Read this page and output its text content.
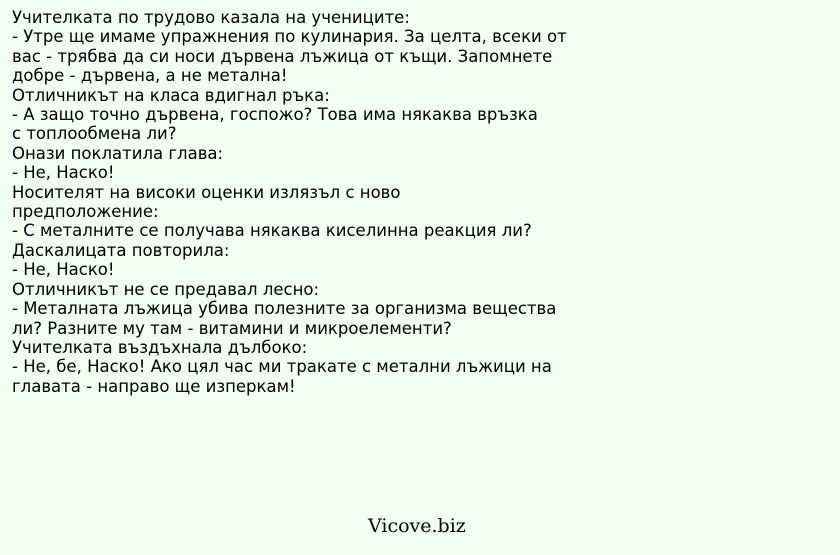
Учителката по трудово казала на учениците:
- Утре ще имаме упражнения по кулинария. За целта, всеки от
вас - трябва да си носи дървена лъжица от къщи. Запомнете
добре - дървена, а не метална!
Отличникът на класа вдигнал ръка:
- А защо точно дървена, госпожо? Това има някаква връзка
с топлообмена ли?
Онази поклатила глава:
- Не, Наско!
Носителят на високи оценки излязъл с ново
предположение:
- С металните се получава някаква киселинна реакция ли?
Даскалицата повторила:
- Не, Наско!
Отличникът не се предавал лесно:
- Металната лъжица убива полезните за организма вещества
ли? Разните му там - витамини и микроелементи?
Учителката въздъхнала дълбоко:
- Не, бе, Наско! Ако цял час ми тракате с метални лъжици на
главата - направо ще изперкам!
Vicove.biz
